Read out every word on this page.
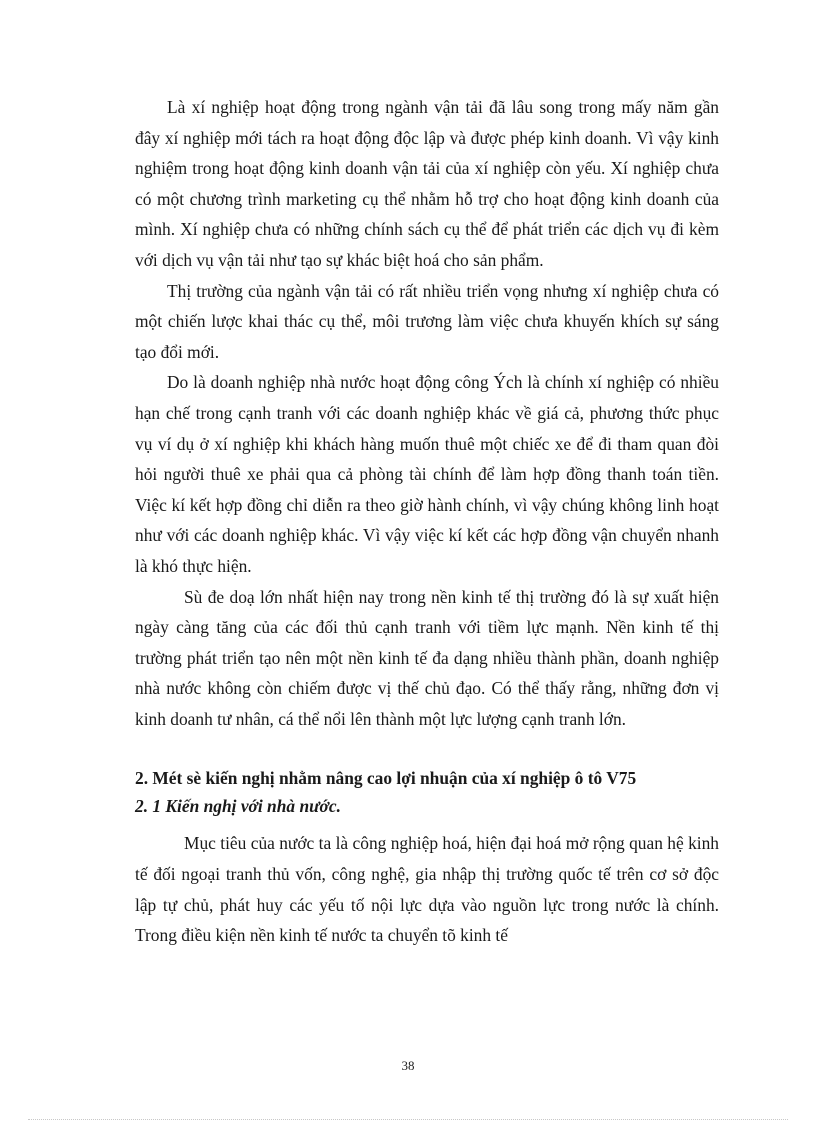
Là xí nghiệp hoạt động trong ngành vận tải đã lâu song trong mấy năm gần đây xí nghiệp mới tách ra hoạt động độc lập và được phép kinh doanh. Vì vậy kinh nghiệm trong hoạt động kinh doanh vận tải của xí nghiệp còn yếu. Xí nghiệp chưa có một chương trình marketing cụ thể nhằm hỗ trợ cho hoạt động kinh doanh của mình. Xí nghiệp chưa có những chính sách cụ thể để phát triển các dịch vụ đi kèm với dịch vụ vận tải như tạo sự khác biệt hoá cho sản phẩm.

Thị trường của ngành vận tải có rất nhiều triển vọng nhưng xí nghiệp chưa có một chiến lược khai thác cụ thể, môi trương làm việc chưa khuyến khích sự sáng tạo đổi mới.

Do là doanh nghiệp nhà nước hoạt động công Ých là chính xí nghiệp có nhiều hạn chế trong cạnh tranh với các doanh nghiệp khác về giá cả, phương thức phục vụ ví dụ ở xí nghiệp khi khách hàng muốn thuê một chiếc xe để đi tham quan đòi hỏi người thuê xe phải qua cả phòng tài chính để làm hợp đồng thanh toán tiền. Việc kí kết hợp đồng chỉ diễn ra theo giờ hành chính, vì vậy chúng không linh hoạt như với các doanh nghiệp khác. Vì vậy việc kí kết các hợp đồng vận chuyển nhanh là khó thực hiện.

Sù đe doạ lớn nhất hiện nay trong nền kinh tế thị trường đó là sự xuất hiện ngày càng tăng của các đối thủ cạnh tranh với tiềm lực mạnh. Nền kinh tế thị trường phát triển tạo nên một nền kinh tế đa dạng nhiều thành phần, doanh nghiệp nhà nước không còn chiếm được vị thế chủ đạo. Có thể thấy rằng, những đơn vị kinh doanh tư nhân, cá thể nổi lên thành một lực lượng cạnh tranh lớn.

2. Mét sè kiến nghị nhằm nâng cao lợi nhuận của xí nghiệp ô tô V75
2. 1 Kiến nghị với nhà nước.

Mục tiêu của nước ta là công nghiệp hoá, hiện đại hoá mở rộng quan hệ kinh tế đối ngoại tranh thủ vốn, công nghệ, gia nhập thị trường quốc tế trên cơ sở độc lập tự chủ, phát huy các yếu tố nội lực dựa vào nguồn lực trong nước là chính. Trong điều kiện nền kinh tế nước ta chuyển tõ kinh tế

38
